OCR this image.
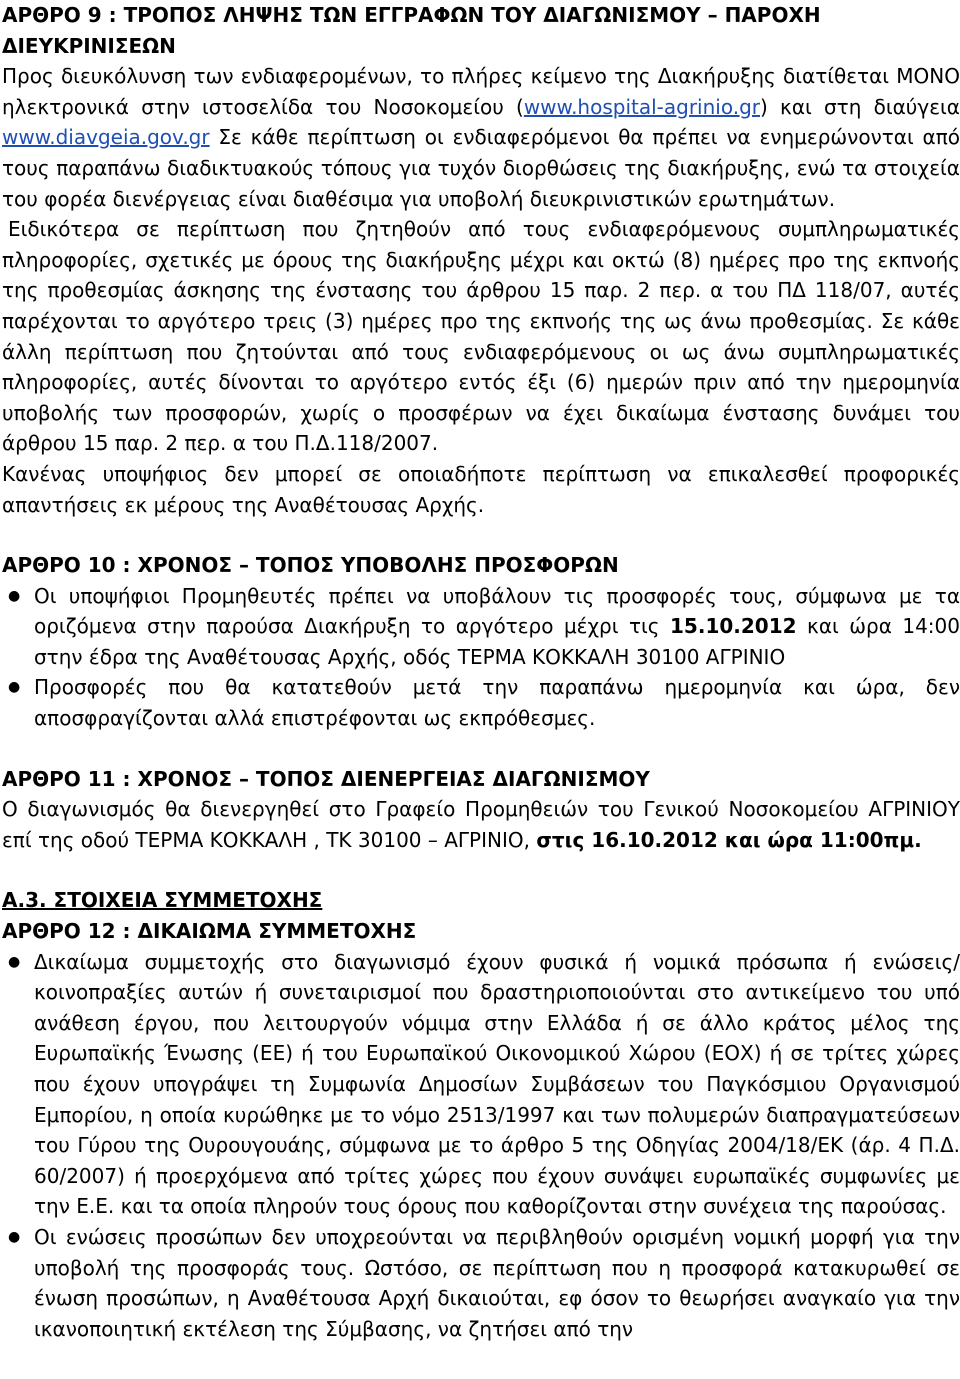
ΑΡΘΡΟ 9 : ΤΡΟΠΟΣ ΛΗΨΗΣ ΤΩΝ ΕΓΓΡΑΦΩΝ ΤΟΥ ΔΙΑΓΩΝΙΣΜΟΥ – ΠΑΡΟΧΗ
ΔΙΕΥΚΡΙΝΙΣΕΩΝ

Προς διευκόλυνση των ενδιαφερομένων, το πλήρες κείμενο της Διακήρυξης διατίθεται ΜΟΝΟ ηλεκτρονικά στην ιστοσελίδα του Νοσοκομείου (www.hospital-agrinio.gr) και στη διαύγεια www.diavgeia.gov.gr Σε κάθε περίπτωση οι ενδιαφερόμενοι θα πρέπει να ενημερώνονται από τους παραπάνω διαδικτυακούς τόπους για τυχόν διορθώσεις της διακήρυξης, ενώ τα στοιχεία του φορέα διενέργειας είναι διαθέσιμα για υποβολή διευκρινιστικών ερωτημάτων.

Ειδικότερα σε περίπτωση που ζητηθούν από τους ενδιαφερόμενους συμπληρωματικές πληροφορίες, σχετικές με όρους της διακήρυξης μέχρι και οκτώ (8) ημέρες προ της εκπνοής της προθεσμίας άσκησης της ένστασης του άρθρου 15 παρ. 2 περ. α του ΠΔ 118/07, αυτές παρέχονται το αργότερο τρεις (3) ημέρες προ της εκπνοής της ως άνω προθεσμίας. Σε κάθε άλλη περίπτωση που ζητούνται από τους ενδιαφερόμενους οι ως άνω συμπληρωματικές πληροφορίες, αυτές δίνονται το αργότερο εντός έξι (6) ημερών πριν από την ημερομηνία υποβολής των προσφορών, χωρίς ο προσφέρων να έχει δικαίωμα ένστασης δυνάμει του άρθρου 15 παρ. 2 περ. α του Π.Δ.118/2007.

Κανένας υποψήφιος δεν μπορεί σε οποιαδήποτε περίπτωση να επικαλεσθεί προφορικές απαντήσεις εκ μέρους της Αναθέτουσας Αρχής.

ΑΡΘΡΟ 10 : ΧΡΟΝΟΣ – ΤΟΠΟΣ ΥΠΟΒΟΛΗΣ ΠΡΟΣΦΟΡΩΝ

● Οι υποψήφιοι Προμηθευτές πρέπει να υποβάλουν τις προσφορές τους, σύμφωνα με τα οριζόμενα στην παρούσα Διακήρυξη το αργότερο μέχρι τις 15.10.2012 και ώρα 14:00 στην έδρα της Αναθέτουσας Αρχής, οδός ΤΕΡΜΑ ΚΟΚΚΑΛΗ 30100 ΑΓΡΙΝΙΟ

● Προσφορές που θα κατατεθούν μετά την παραπάνω ημερομηνία και ώρα, δεν αποσφραγίζονται αλλά επιστρέφονται ως εκπρόθεσμες.

ΑΡΘΡΟ 11 : ΧΡΟΝΟΣ – ΤΟΠΟΣ ΔΙΕΝΕΡΓΕΙΑΣ ΔΙΑΓΩΝΙΣΜΟΥ

Ο διαγωνισμός θα διενεργηθεί στο Γραφείο Προμηθειών του Γενικού Νοσοκομείου ΑΓΡΙΝΙΟΥ επί της οδού ΤΕΡΜΑ ΚΟΚΚΑΛΗ , ΤΚ 30100 – ΑΓΡΙΝΙΟ, στις 16.10.2012 και ώρα 11:00πμ.

Α.3. ΣΤΟΙΧΕΙΑ ΣΥΜΜΕΤΟΧΗΣ

ΑΡΘΡΟ 12 : ΔΙΚΑΙΩΜΑ ΣΥΜΜΕΤΟΧΗΣ

● Δικαίωμα συμμετοχής στο διαγωνισμό έχουν φυσικά ή νομικά πρόσωπα ή ενώσεις/κοινοπραξίες αυτών ή συνεταιρισμοί που δραστηριοποιούνται στο αντικείμενο του υπό ανάθεση έργου, που λειτουργούν νόμιμα στην Ελλάδα ή σε άλλο κράτος μέλος της Ευρωπαϊκής Ένωσης (ΕΕ) ή του Ευρωπαϊκού Οικονομικού Χώρου (ΕΟΧ) ή σε τρίτες χώρες που έχουν υπογράψει τη Συμφωνία Δημοσίων Συμβάσεων του Παγκόσμιου Οργανισμού Εμπορίου, η οποία κυρώθηκε με το νόμο 2513/1997 και των πολυμερών διαπραγματεύσεων του Γύρου της Ουρουγουάης, σύμφωνα με το άρθρο 5 της Οδηγίας 2004/18/ΕΚ (άρ. 4 Π.Δ. 60/2007) ή προερχόμενα από τρίτες χώρες που έχουν συνάψει ευρωπαϊκές συμφωνίες με την Ε.Ε. και τα οποία πληρούν τους όρους που καθορίζονται στην συνέχεια της παρούσας.

● Οι ενώσεις προσώπων δεν υποχρεούνται να περιβληθούν ορισμένη νομική μορφή για την υποβολή της προσφοράς τους. Ωστόσο, σε περίπτωση που η προσφορά κατακυρωθεί σε ένωση προσώπων, η Αναθέτουσα Αρχή δικαιούται, εφ όσον το θεωρήσει αναγκαίο για την ικανοποιητική εκτέλεση της Σύμβασης, να ζητήσει από την
